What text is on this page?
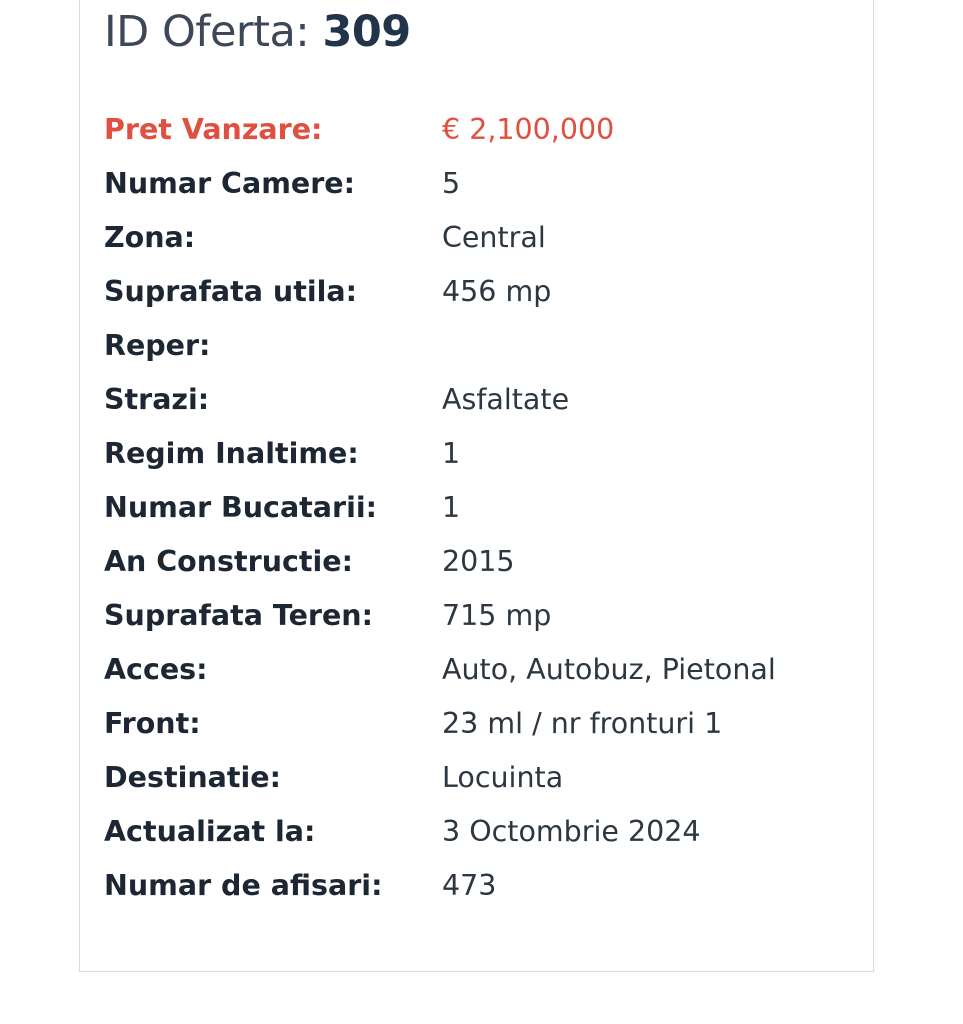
ID Oferta: 309
Pret Vanzare:	€ 2,100,000
Numar Camere:	5
Zona:	Central
Suprafata utila:	456 mp
Reper:	
Strazi:	Asfaltate
Regim Inaltime:	1
Numar Bucatarii:	1
An Constructie:	2015
Suprafata Teren:	715 mp
Acces:	Auto, Autobuz, Pietonal
Front:	23 ml / nr fronturi 1
Destinatie:	Locuinta
Actualizat la:	3 Octombrie 2024
Numar de afisari:	473
